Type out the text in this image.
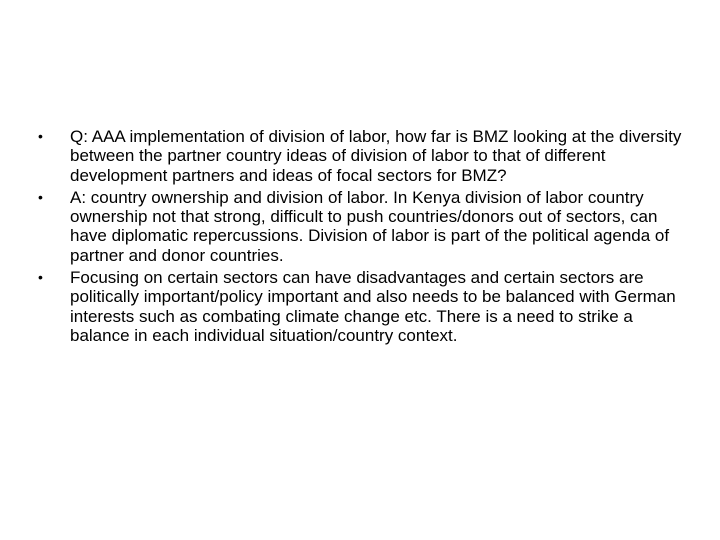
•	Q: AAA implementation of division of labor, how far is BMZ looking at the diversity between the partner country ideas of division of labor to that of different development partners and ideas of focal sectors for BMZ?
•	A: country ownership and division of labor. In Kenya division of labor country ownership not that strong, difficult to push countries/donors out of sectors, can have diplomatic repercussions. Division of labor is part of the political agenda of partner and donor countries.
•	Focusing on certain sectors can have disadvantages and certain sectors are politically important/policy important and also needs to be balanced with German interests such as combating climate change etc. There is a need to strike a balance in each individual situation/country context.
